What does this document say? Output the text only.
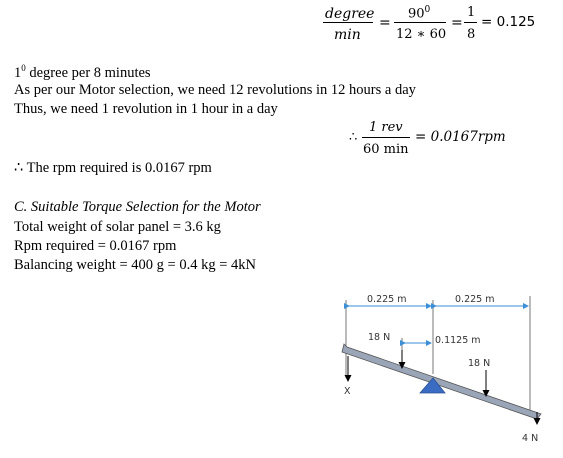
degree
min
=
$90^0$
12 ∗ 60
=
1
8
= 0.125
$1^0$ degree per 8 minutes
As per our Motor selection, we need 12 revolutions in 12 hours a day
Thus, we need 1 revolution in 1 hour in a day
∴
1 rev
60 min
= 0.0167rpm
∴ The rpm required is 0.0167 rpm
C. Suitable Torque Selection for the Motor
Total weight of solar panel = 3.6 kg
Rpm required = 0.0167 rpm
Balancing weight = 400 g = 0.4 kg = 4kN
0.225 m	0.225 m
18 N	0.1125 m
18 N
X
4 N
